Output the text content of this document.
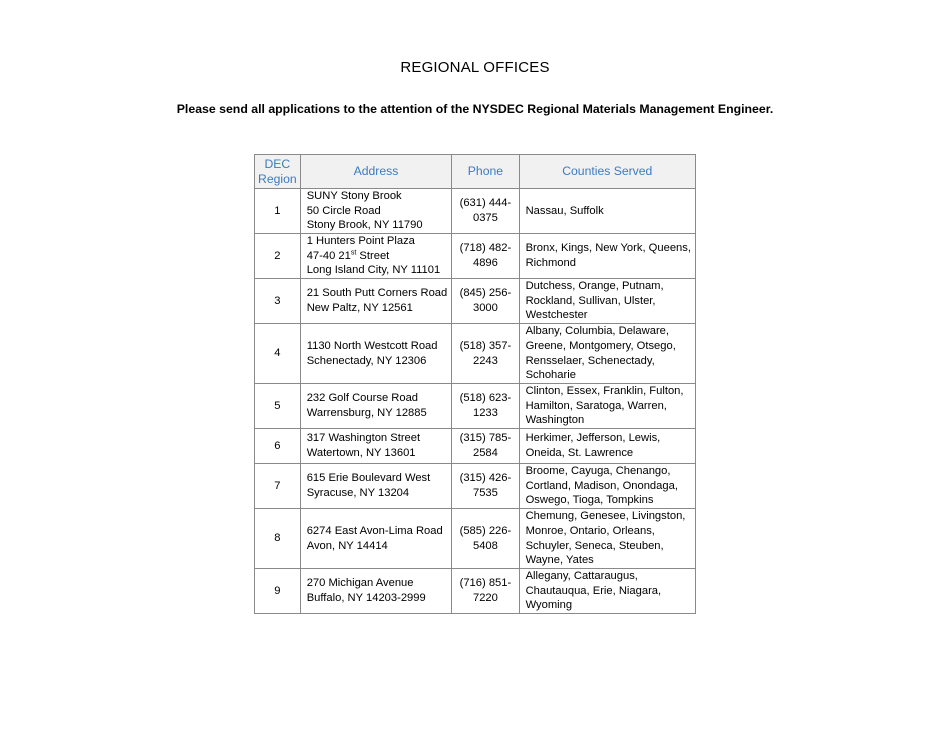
REGIONAL OFFICES
Please send all applications to the attention of the NYSDEC Regional Materials Management Engineer.
DEC
Region	Address	Phone	Counties Served
1	SUNY Stony Brook
50 Circle Road
Stony Brook, NY 11790	(631) 444-
0375	Nassau, Suffolk

2	1 Hunters Point Plaza
47-40 21st Street
Long Island City, NY 11101	(718) 482-
4896	Bronx, Kings, New York, Queens,
Richmond

3	21 South Putt Corners Road
New Paltz, NY 12561	(845) 256-
3000	Dutchess, Orange, Putnam,
Rockland, Sullivan, Ulster,
Westchester

4	1130 North Westcott Road
Schenectady, NY 12306	(518) 357-
2243	Albany, Columbia, Delaware,
Greene, Montgomery, Otsego,
Rensselaer, Schenectady,
Schoharie

5	232 Golf Course Road
Warrensburg, NY 12885	(518) 623-
1233	Clinton, Essex, Franklin, Fulton,
Hamilton, Saratoga, Warren,
Washington

6	317 Washington Street
Watertown, NY 13601	(315) 785-
2584	Herkimer, Jefferson, Lewis,
Oneida, St. Lawrence

7	615 Erie Boulevard West
Syracuse, NY 13204	(315) 426-
7535	Broome, Cayuga, Chenango,
Cortland, Madison, Onondaga,
Oswego, Tioga, Tompkins

8	6274 East Avon-Lima Road
Avon, NY 14414	(585) 226-
5408	Chemung, Genesee, Livingston,
Monroe, Ontario, Orleans,
Schuyler, Seneca, Steuben,
Wayne, Yates

9	270 Michigan Avenue
Buffalo, NY 14203-2999	(716) 851-
7220	Allegany, Cattaraugus,
Chautauqua, Erie, Niagara,
Wyoming
